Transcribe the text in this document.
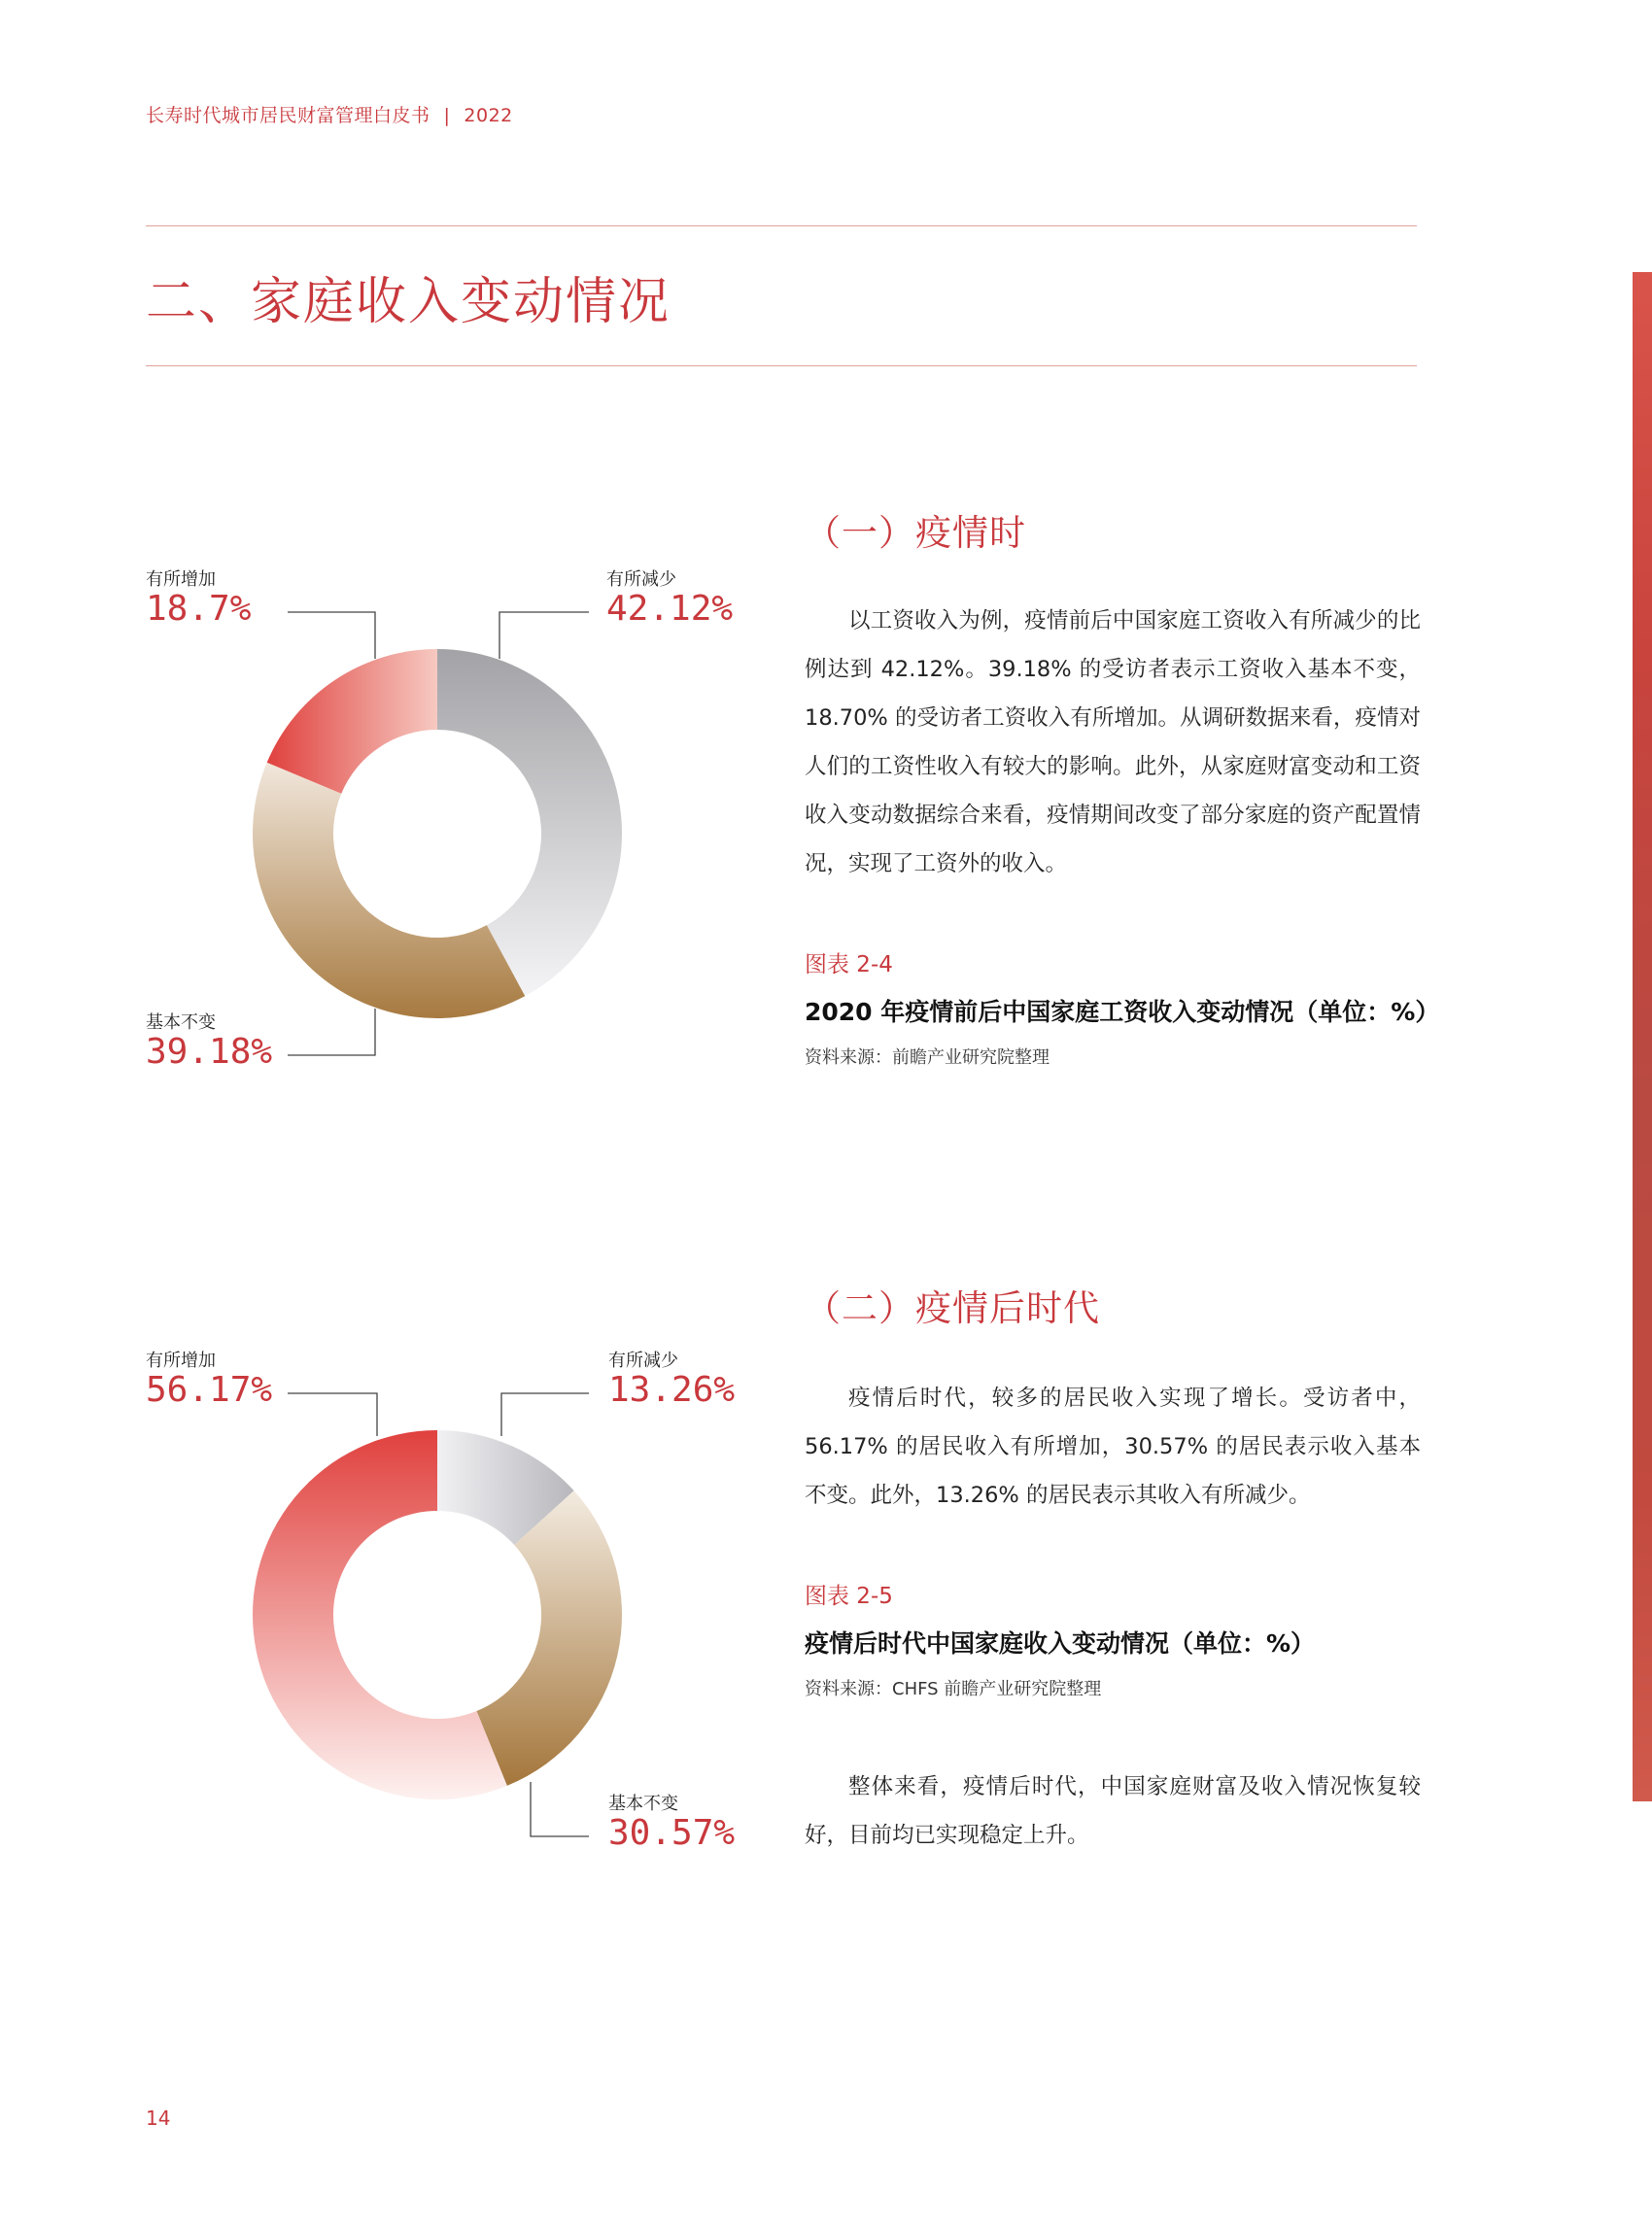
长寿时代城市居民财富管理白皮书 | 2022
二、家庭收入变动情况
有所增加
18.7%
有所减少
42.12%
基本不变
39.18%
（一）疫情时

以工资收入为例，疫情前后中国家庭工资收入有所减少的比例达到 42.12%。39.18% 的受访者表示工资收入基本不变，18.70% 的受访者工资收入有所增加。从调研数据来看，疫情对人们的工资性收入有较大的影响。此外，从家庭财富变动和工资收入变动数据综合来看，疫情期间改变了部分家庭的资产配置情况，实现了工资外的收入。

图表 2-4
2020 年疫情前后中国家庭工资收入变动情况（单位：%）
资料来源：前瞻产业研究院整理
有所增加
56.17%
有所减少
13.26%
基本不变
30.57%
（二）疫情后时代

疫情后时代，较多的居民收入实现了增长。受访者中，56.17% 的居民收入有所增加，30.57% 的居民表示收入基本不变。此外，13.26% 的居民表示其收入有所减少。

图表 2-5
疫情后时代中国家庭收入变动情况（单位：%）
资料来源：CHFS 前瞻产业研究院整理

整体来看，疫情后时代，中国家庭财富及收入情况恢复较好，目前均已实现稳定上升。

14
